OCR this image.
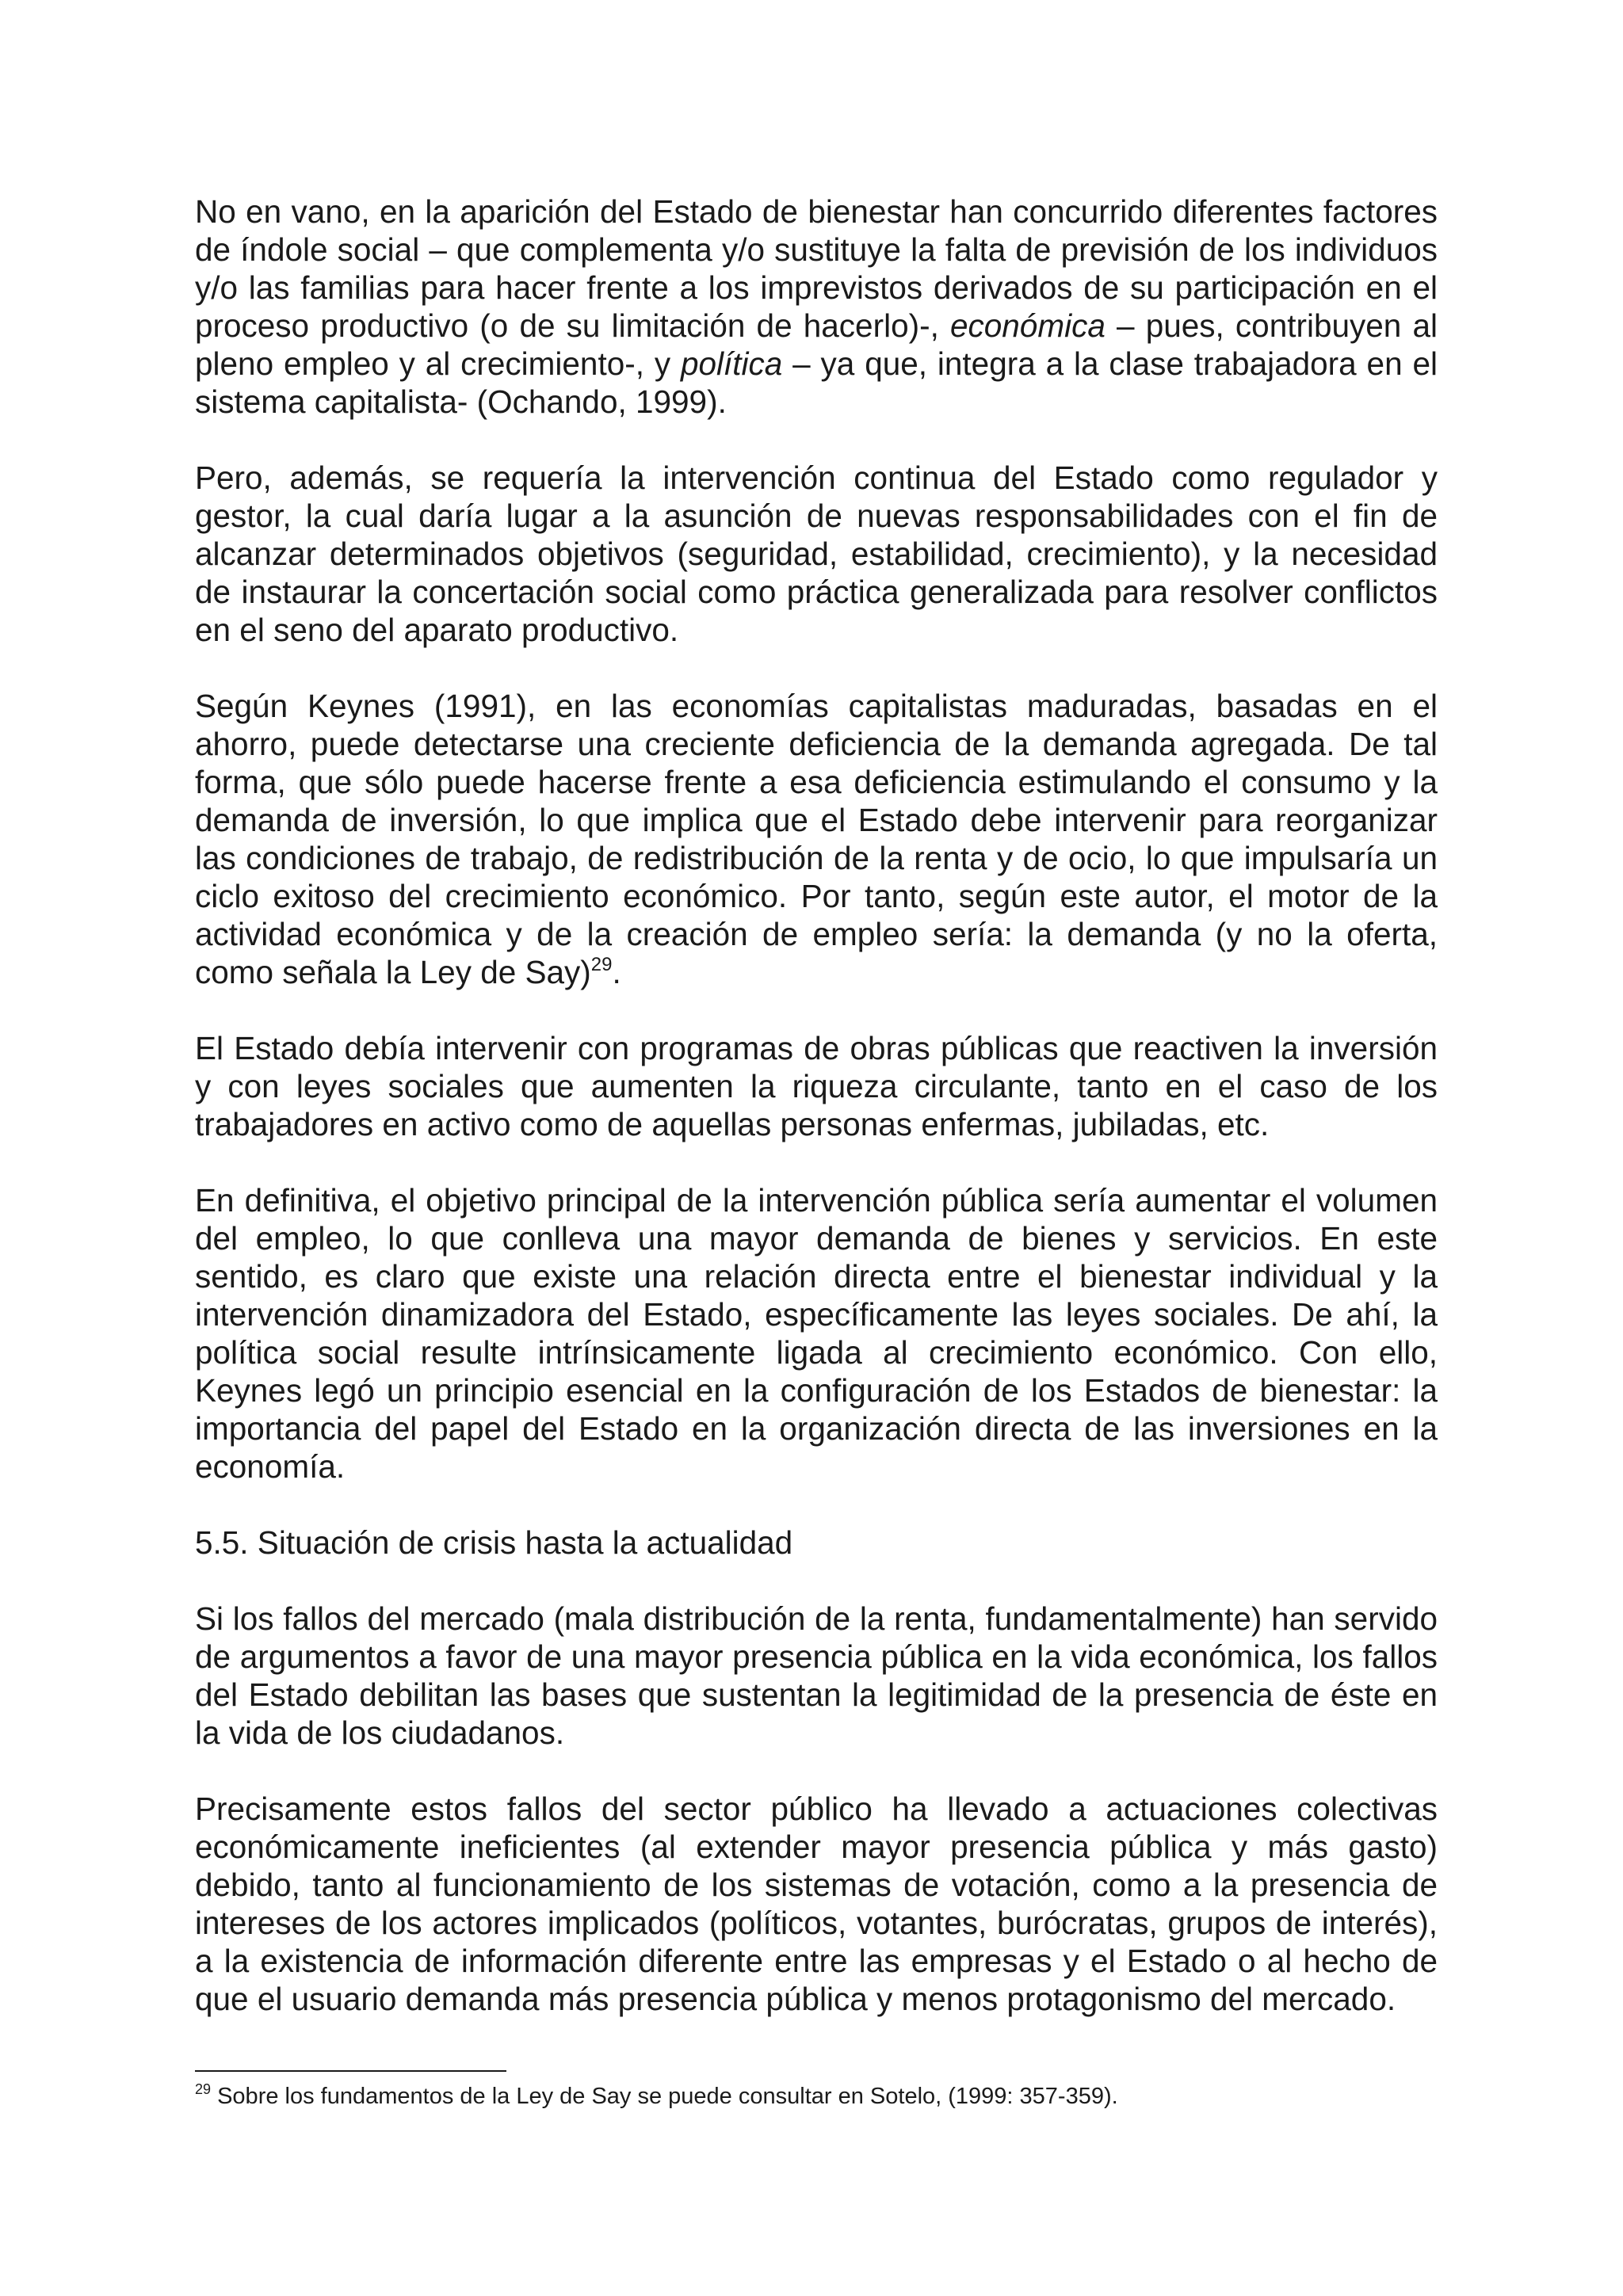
No en vano, en la aparición del Estado de bienestar han concurrido diferentes factores de índole social – que complementa y/o sustituye la falta de previsión de los individuos y/o las familias para hacer frente a los imprevistos derivados de su participación en el proceso productivo (o de su limitación de hacerlo)-, económica – pues, contribuyen al pleno empleo y al crecimiento-, y política – ya que, integra a la clase trabajadora en el sistema capitalista- (Ochando, 1999).

Pero, además, se requería la intervención continua del Estado como regulador y gestor, la cual daría lugar a la asunción de nuevas responsabilidades con el fin de alcanzar determinados objetivos (seguridad, estabilidad, crecimiento), y la necesidad de instaurar la concertación social como práctica generalizada para resolver conflictos en el seno del aparato productivo.

Según Keynes (1991), en las economías capitalistas maduradas, basadas en el ahorro, puede detectarse una creciente deficiencia de la demanda agregada. De tal forma, que sólo puede hacerse frente a esa deficiencia estimulando el consumo y la demanda de inversión, lo que implica que el Estado debe intervenir para reorganizar las condiciones de trabajo, de redistribución de la renta y de ocio, lo que impulsaría un ciclo exitoso del crecimiento económico. Por tanto, según este autor, el motor de la actividad económica y de la creación de empleo sería: la demanda (y no la oferta, como señala la Ley de Say)$^{29}$.

El Estado debía intervenir con programas de obras públicas que reactiven la inversión y con leyes sociales que aumenten la riqueza circulante, tanto en el caso de los trabajadores en activo como de aquellas personas enfermas, jubiladas, etc.

En definitiva, el objetivo principal de la intervención pública sería aumentar el volumen del empleo, lo que conlleva una mayor demanda de bienes y servicios. En este sentido, es claro que existe una relación directa entre el bienestar individual y la intervención dinamizadora del Estado, específicamente las leyes sociales. De ahí, la política social resulte intrínsicamente ligada al crecimiento económico. Con ello, Keynes legó un principio esencial en la configuración de los Estados de bienestar: la importancia del papel del Estado en la organización directa de las inversiones en la economía.

5.5. Situación de crisis hasta la actualidad

Si los fallos del mercado (mala distribución de la renta, fundamentalmente) han servido de argumentos a favor de una mayor presencia pública en la vida económica, los fallos del Estado debilitan las bases que sustentan la legitimidad de la presencia de éste en la vida de los ciudadanos.

Precisamente estos fallos del sector público ha llevado a actuaciones colectivas económicamente ineficientes (al extender mayor presencia pública y más gasto) debido, tanto al funcionamiento de los sistemas de votación, como a la presencia de intereses de los actores implicados (políticos, votantes, burócratas, grupos de interés), a la existencia de información diferente entre las empresas y el Estado o al hecho de que el usuario demanda más presencia pública y menos protagonismo del mercado.

$^{29}$ Sobre los fundamentos de la Ley de Say se puede consultar en Sotelo, (1999: 357-359).
